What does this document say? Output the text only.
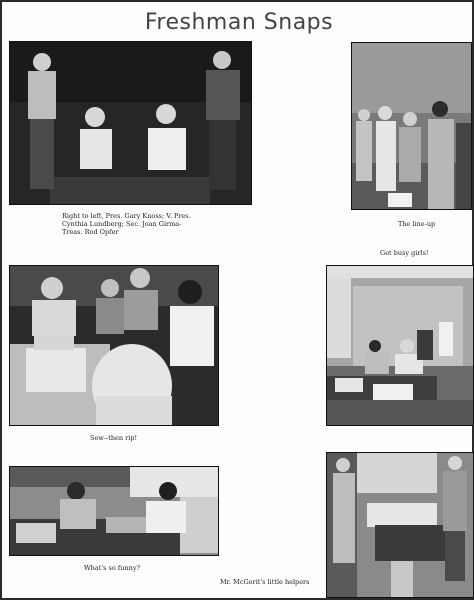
Freshman Snaps
Right to left, Pres. Gary Knoss; V. Pres.
Cynthia Lundberg; Sec. Joan Girma-
Treas. Rod Opfer
The line-up
Get busy girls!
Sew--then rip!
What's so funny?
Mr. McGorit's little helpers
